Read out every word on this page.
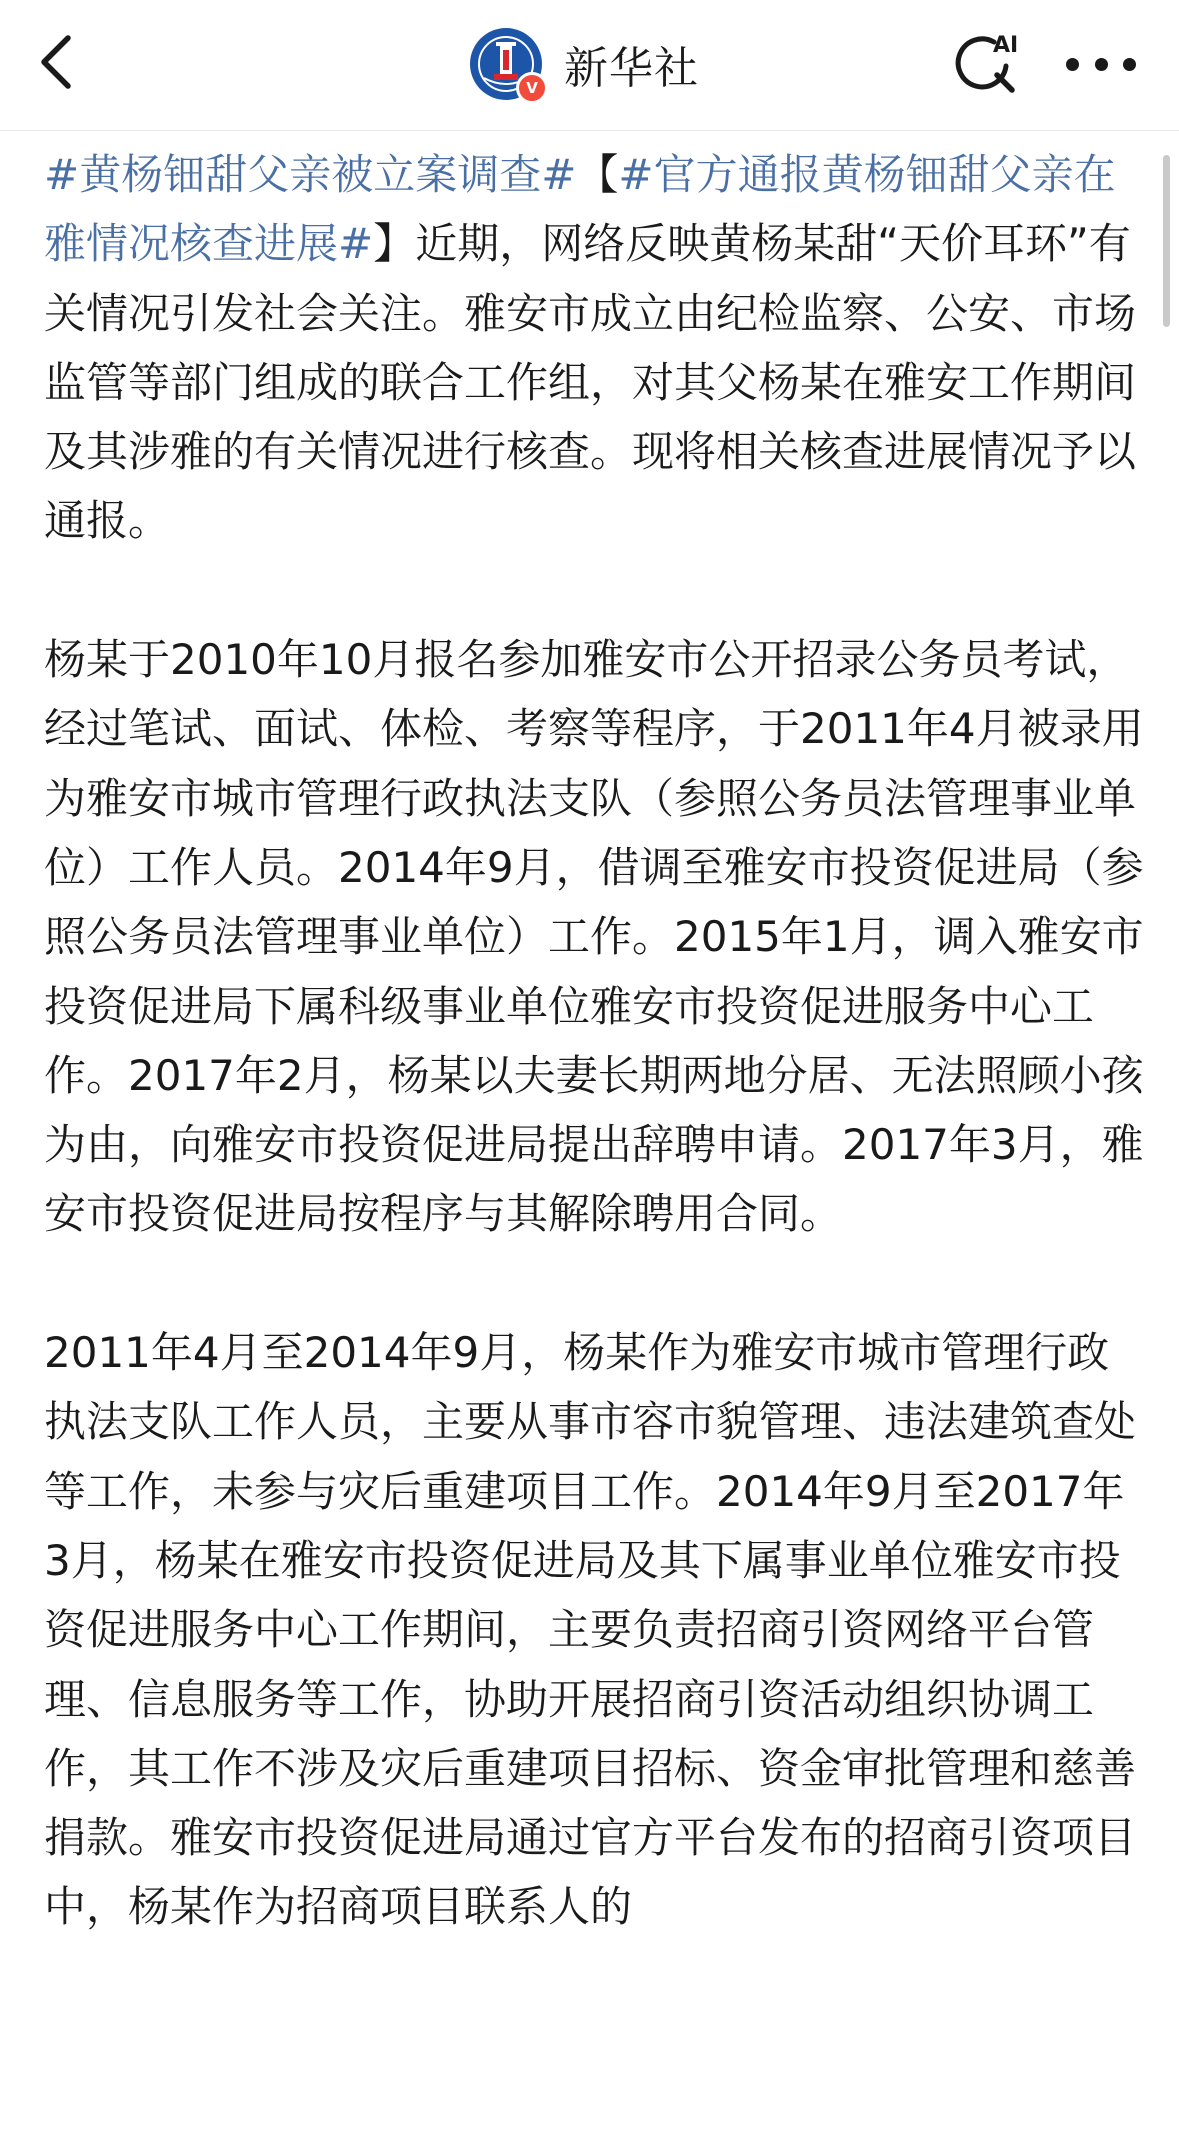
V 新华社	AI

#黄杨钿甜父亲被立案调查#【#官方通报黄杨钿甜父亲在雅情况核查进展#】近期，网络反映黄杨某甜“天价耳环”有关情况引发社会关注。雅安市成立由纪检监察、公安、市场监管等部门组成的联合工作组，对其父杨某在雅安工作期间及其涉雅的有关情况进行核查。现将相关核查进展情况予以通报。

杨某于2010年10月报名参加雅安市公开招录公务员考试，经过笔试、面试、体检、考察等程序，于2011年4月被录用为雅安市城市管理行政执法支队（参照公务员法管理事业单位）工作人员。2014年9月，借调至雅安市投资促进局（参照公务员法管理事业单位）工作。2015年1月，调入雅安市投资促进局下属科级事业单位雅安市投资促进服务中心工作。2017年2月，杨某以夫妻长期两地分居、无法照顾小孩为由，向雅安市投资促进局提出辞聘申请。2017年3月，雅安市投资促进局按程序与其解除聘用合同。

2011年4月至2014年9月，杨某作为雅安市城市管理行政执法支队工作人员，主要从事市容市貌管理、违法建筑查处等工作，未参与灾后重建项目工作。2014年9月至2017年3月，杨某在雅安市投资促进局及其下属事业单位雅安市投资促进服务中心工作期间，主要负责招商引资网络平台管理、信息服务等工作，协助开展招商引资活动组织协调工作，其工作不涉及灾后重建项目招标、资金审批管理和慈善捐款。雅安市投资促进局通过官方平台发布的招商引资项目中，杨某作为招商项目联系人的
